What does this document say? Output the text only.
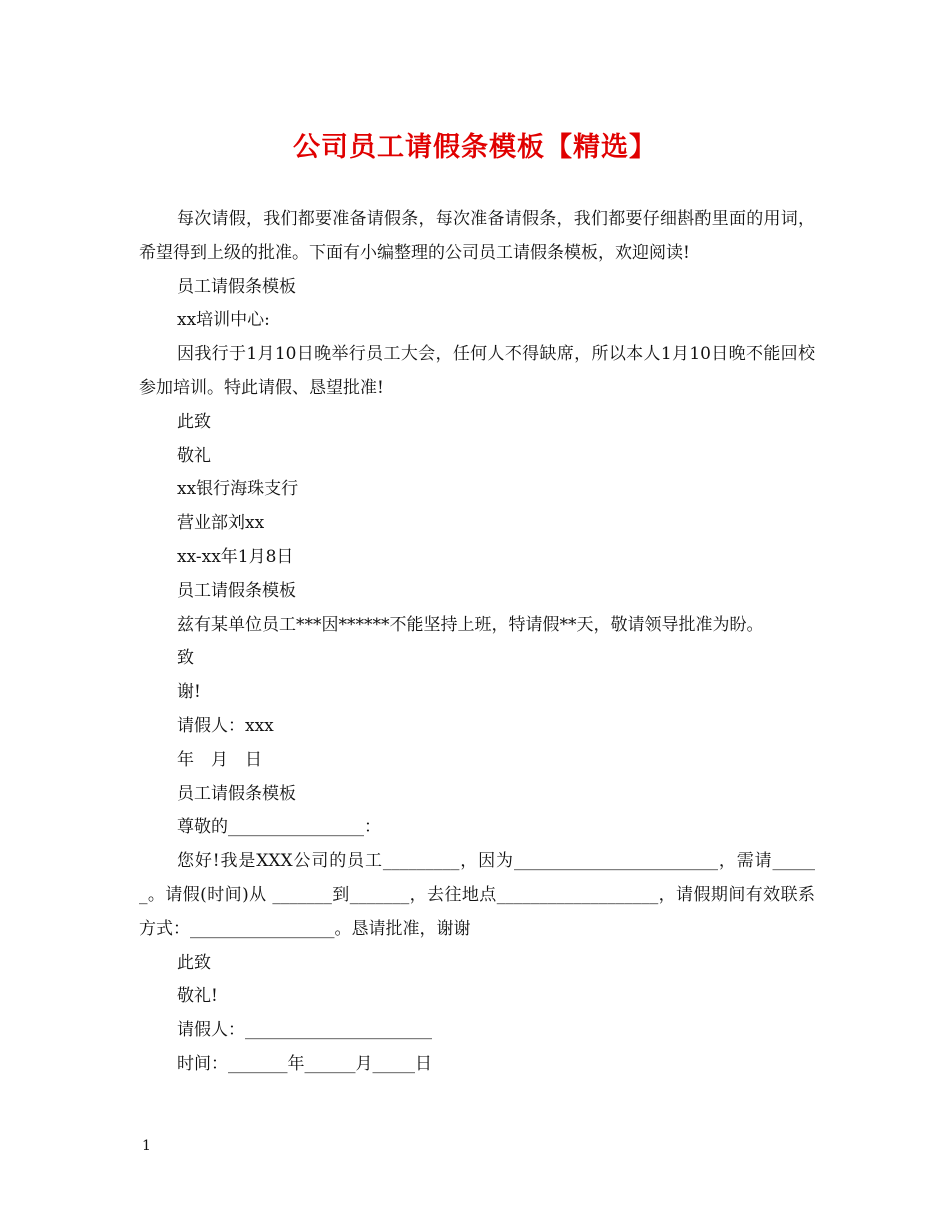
公司员工请假条模板【精选】

每次请假，我们都要准备请假条，每次准备请假条，我们都要仔细斟酌里面的用词，希望得到上级的批准。下面有小编整理的公司员工请假条模板，欢迎阅读!

员工请假条模板

xx培训中心:

因我行于1月10日晚举行员工大会，任何人不得缺席，所以本人1月10日晚不能回校参加培训。特此请假、恳望批准!

此致

敬礼

xx银行海珠支行

营业部刘xx

xx-xx年1月8日

员工请假条模板

兹有某单位员工***因******不能坚持上班，特请假**天，敬请领导批准为盼。

致

谢!

请假人：xxx

年　月　日

员工请假条模板

尊敬的________________：

您好!我是XXX公司的员工_________，因为________________________，需请______。请假(时间)从 _______到_______，去往地点___________________，请假期间有效联系方式：_________________。恳请批准，谢谢

此致

敬礼!

请假人：______________________

时间：_______年______月_____日

1
